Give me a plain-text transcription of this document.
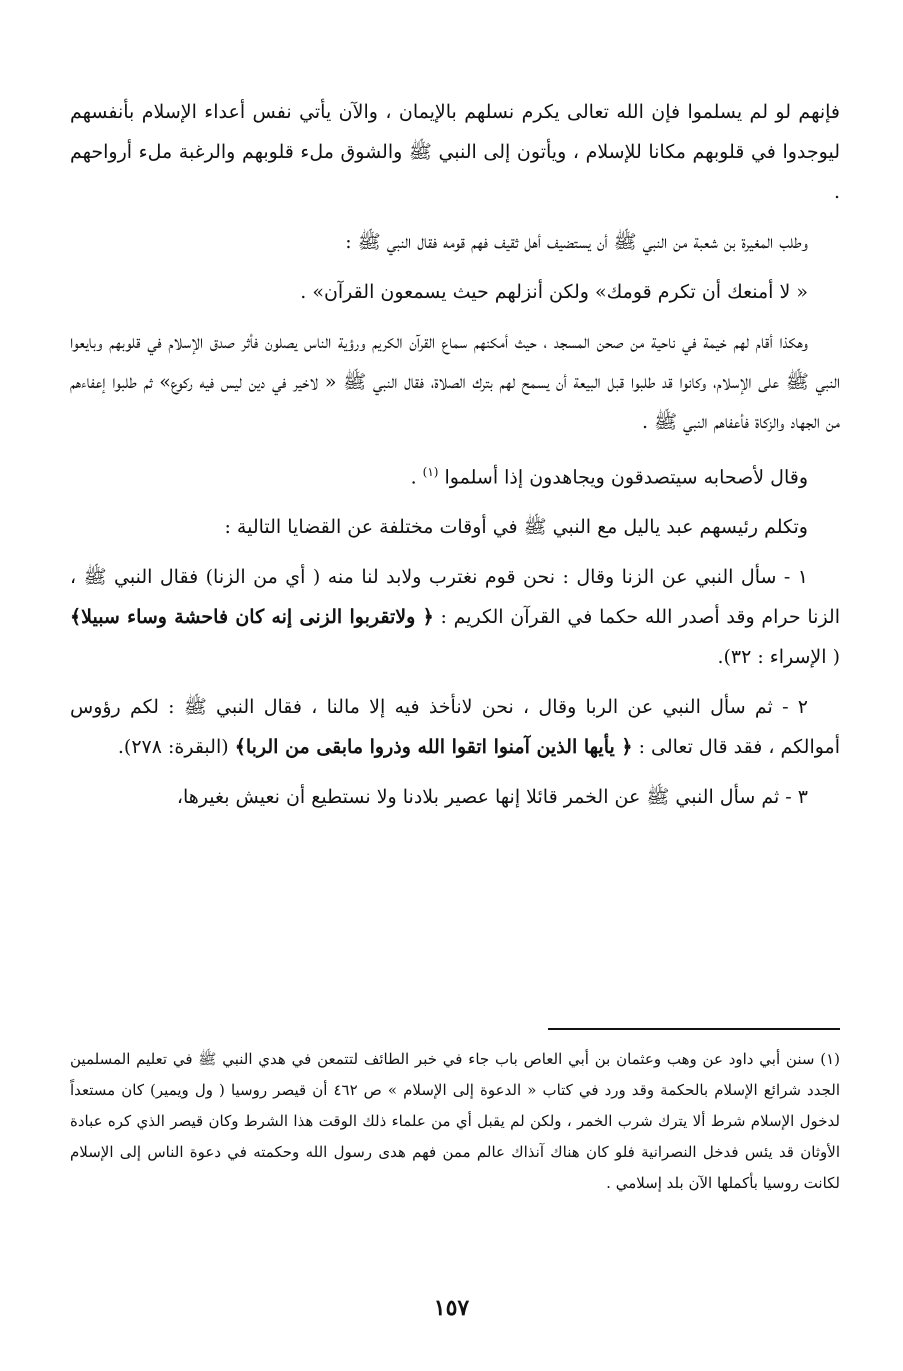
فإنهم لو لم يسلموا فإن الله تعالى يكرم نسلهم بالإيمان ، والآن يأتي نفس أعداء الإسلام بأنفسهم ليوجدوا في قلوبهم مكانا للإسلام ، ويأتون إلى النبي ﷺ والشوق ملء قلوبهم والرغبة ملء أرواحهم .

وطلب المغيرة بن شعبة من النبي ﷺ أن يستضيف أهل ثقيف فهم قومه فقال النبي ﷺ :

« لا أمنعك أن تكرم قومك» ولكن أنزلهم حيث يسمعون القرآن» .

وهكذا أقام لهم خيمة في ناحية من صحن المسجد ، حيث أمكنهم سماع القرآن الكريم ورؤية الناس يصلون فأثر صدق الإسلام في قلوبهم وبايعوا النبي ﷺ على الإسلام، وكانوا قد طلبوا قبل البيعة أن يسمح لهم بترك الصلاة، فقال النبي ﷺ « لاخير في دين ليس فيه ركوع» ثم طلبوا إعفاءهم من الجهاد والزكاة فأعفاهم النبي ﷺ .

وقال لأصحابه سيتصدقون ويجاهدون إذا أسلموا $^{(١)}$ .

وتكلم رئيسهم عبد ياليل مع النبي ﷺ في أوقات مختلفة عن القضايا التالية :

١ - سأل النبي عن الزنا وقال : نحن قوم نغترب ولابد لنا منه ( أي من الزنا) فقال النبي ﷺ ، الزنا حرام وقد أصدر الله حكما في القرآن الكريم : ﴿ ولاتقربوا الزنى إنه كان فاحشة وساء سبيلا﴾ ( الإسراء : ٣٢).

٢ - ثم سأل النبي عن الربا وقال ، نحن لانأخذ فيه إلا مالنا ، فقال النبي ﷺ : لكم رؤوس أموالكم ، فقد قال تعالى : ﴿ يأيها الذين آمنوا اتقوا الله وذروا مابقى من الربا﴾ (البقرة: ٢٧٨).

٣ - ثم سأل النبي ﷺ عن الخمر قائلا إنها عصير بلادنا ولا نستطيع أن نعيش بغيرها،

(١) سنن أبي داود عن وهب وعثمان بن أبي العاص باب جاء في خبر الطائف لتتمعن في هدي النبي ﷺ في تعليم المسلمين الجدد شرائع الإسلام بالحكمة وقد ورد في كتاب « الدعوة إلى الإسلام » ص ٤٦٢ أن قيصر روسيا ( ول ويمير) كان مستعداً لدخول الإسلام شرط ألا يترك شرب الخمر ، ولكن لم يقبل أي من علماء ذلك الوقت هذا الشرط وكان قيصر الذي كره عبادة الأوثان قد يئس فدخل النصرانية فلو كان هناك آنذاك عالم ممن فهم هدى رسول الله وحكمته في دعوة الناس إلى الإسلام لكانت روسيا بأكملها الآن بلد إسلامي .

١٥٧
